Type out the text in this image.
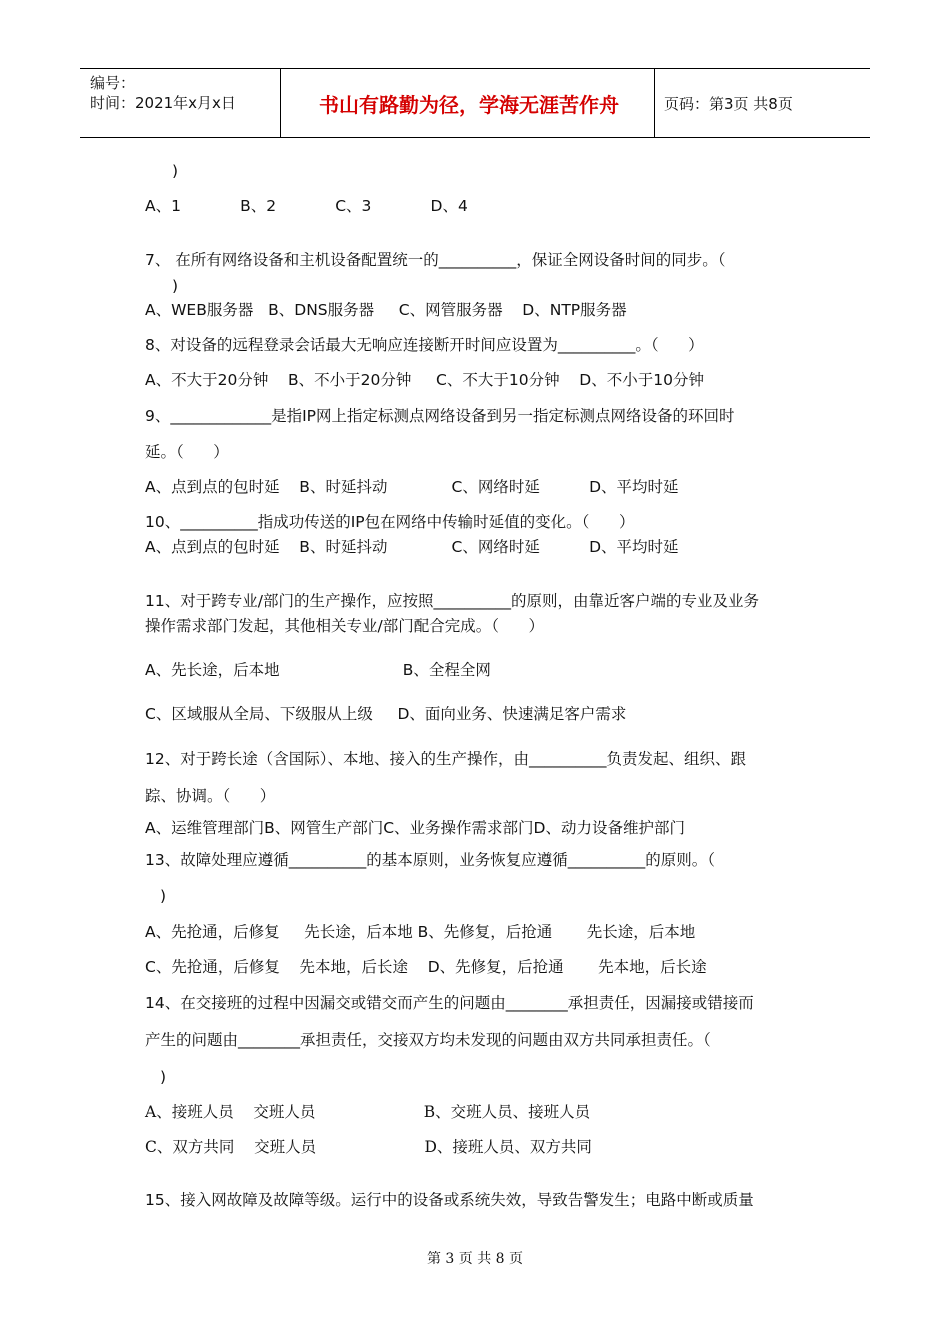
编号：
时间：2021年x月x日	书山有路勤为径，学海无涯苦作舟	页码：第3页 共8页
)
A、1            B、2            C、3            D、4
7、 在所有网络设备和主机设备配置统一的__________，保证全网设备时间的同步。（
)
A、WEB服务器   B、DNS服务器     C、网管服务器    D、NTP服务器
8、对设备的远程登录会话最大无响应连接断开时间应设置为__________。（      ）
A、不大于20分钟    B、不小于20分钟     C、不大于10分钟    D、不小于10分钟
9、_____________是指IP网上指定标测点网络设备到另一指定标测点网络设备的环回时
延。（      ）
A、点到点的包时延    B、时延抖动             C、网络时延          D、平均时延
10、__________指成功传送的IP包在网络中传输时延值的变化。（      ）
A、点到点的包时延    B、时延抖动             C、网络时延          D、平均时延
11、对于跨专业/部门的生产操作，应按照__________的原则，由靠近客户端的专业及业务
操作需求部门发起，其他相关专业/部门配合完成。（      ）
A、先长途，后本地                         B、全程全网
C、区域服从全局、下级服从上级     D、面向业务、快速满足客户需求
12、对于跨长途（含国际）、本地、接入的生产操作，由__________负责发起、组织、跟
踪、协调。（      ）
A、运维管理部门B、网管生产部门C、业务操作需求部门D、动力设备维护部门
13、故障处理应遵循__________的基本原则，业务恢复应遵循__________的原则。（
)
A、先抢通，后修复     先长途，后本地 B、先修复，后抢通       先长途，后本地
C、先抢通，后修复    先本地，后长途    D、先修复，后抢通       先本地，后长途
14、在交接班的过程中因漏交或错交而产生的问题由________承担责任，因漏接或错接而
产生的问题由________承担责任，交接双方均未发现的问题由双方共同承担责任。（
)
A、接班人员    交班人员                      B、交班人员、接班人员
C、双方共同    交班人员                      D、接班人员、双方共同
15、接入网故障及故障等级。运行中的设备或系统失效，导致告警发生；电路中断或质量
第 3 页 共 8 页
